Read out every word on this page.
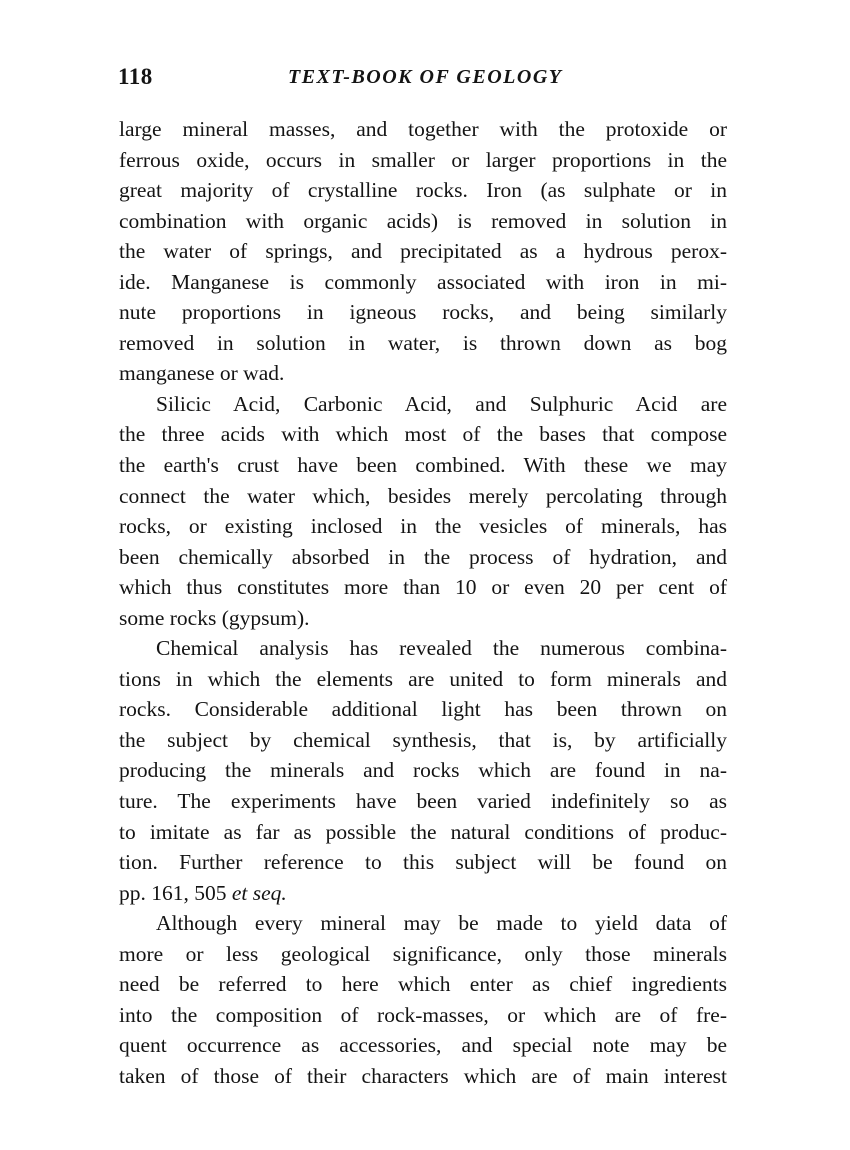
118	TEXT-BOOK OF GEOLOGY
large mineral masses, and together with the protoxide or
ferrous oxide, occurs in smaller or larger proportions in the
great majority of crystalline rocks. Iron (as sulphate or in
combination with organic acids) is removed in solution in
the water of springs, and precipitated as a hydrous perox-
ide. Manganese is commonly associated with iron in mi-
nute proportions in igneous rocks, and being similarly
removed in solution in water, is thrown down as bog
manganese or wad.
Silicic Acid, Carbonic Acid, and Sulphuric Acid are
the three acids with which most of the bases that compose
the earth's crust have been combined. With these we may
connect the water which, besides merely percolating through
rocks, or existing inclosed in the vesicles of minerals, has
been chemically absorbed in the process of hydration, and
which thus constitutes more than 10 or even 20 per cent of
some rocks (gypsum).
Chemical analysis has revealed the numerous combina-
tions in which the elements are united to form minerals and
rocks. Considerable additional light has been thrown on
the subject by chemical synthesis, that is, by artificially
producing the minerals and rocks which are found in na-
ture. The experiments have been varied indefinitely so as
to imitate as far as possible the natural conditions of produc-
tion. Further reference to this subject will be found on
pp. 161, 505 et seq.
Although every mineral may be made to yield data of
more or less geological significance, only those minerals
need be referred to here which enter as chief ingredients
into the composition of rock-masses, or which are of fre-
quent occurrence as accessories, and special note may be
taken of those of their characters which are of main interest
